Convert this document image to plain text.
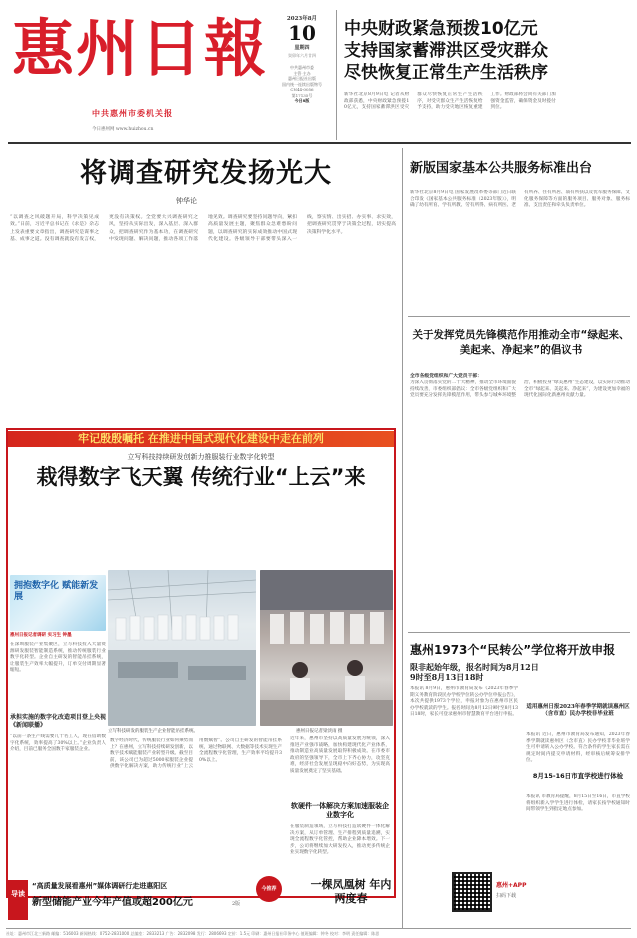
惠州日報
中共惠州市委机关报
今日惠州网 www.huizhou.cn
2023年8月
10
星期四
癸卯年六月廿四
中共惠州市委
主管·主办
惠州日报社出版
国内统一连续出版物号
CN44-0056
第17135号
今日8版
中央财政紧急预拨10亿元
支持国家蓄滞洪区受灾群众
尽快恢复正常生产生活秩序
新华社北京8月9日电 记者从财政部获悉，中央财政紧急预拨10亿元，支持国家蓄滞洪区受灾群众尽快恢复正常生产生活秩序，对受灾群众生产生活恢复给予支持，助力受灾地区恢复重建工作。财政部将会同有关部门加强资金监管，确保资金及时拨付到位。
将调查研究发扬光大
钟华论
“以调查之风破题开局，科学决策见成效。”日前，习近平总书记在《求是》杂志上发表重要文章指出，调查研究是谋事之基、成事之道。没有调查就没有发言权，更没有决策权。全党要大兴调查研究之风，坚持从实际出发，深入基层、深入群众，把调查研究作为基本功，在调查研究中发现问题、解决问题，推动各项工作落地见效。调查研究要坚持问题导向，紧扣高质量发展主题，聚焦群众急难愁盼问题，以调查研究的实际成效推动中国式现代化建设。各级领导干部要带头深入一线，察实情、出实招、办实事、求实效，把调查研究贯穿于决策全过程，切实提高决策科学化水平。
新版国家基本公共服务标准出台
新华社北京8月9日电 国家发展改革委等部门近日联合印发《国家基本公共服务标准（2023年版）》，明确了幼有所育、学有所教、劳有所得、病有所医、老有所养、住有所居、弱有所扶以及优军服务保障、文化服务保障等方面的服务项目、服务对象、服务标准、支出责任和牵头负责单位。
关于发挥党员先锋模范作用推动全市“绿起来、美起来、净起来”的倡议书
全市各级党组织和广大党员干部：
为深入贯彻落实党的二十大精神，推动全市环境面貌持续改善，市委组织部倡议：全市各级党组织和广大党员要充分发挥先锋模范作用，带头参与城乡环境整治，积极投身“绿美惠州”生态建设，以实际行动推动全市“绿起来、美起来、净起来”，为建设更加幸福的现代化国际化新惠州贡献力量。
惠州1973个“民转公”学位将开放申报
限非起始年级，报名时间为8月12日
9时至8月13日18时
本报讯 8月9日，惠州市教育局发布《2023年春季学期义务教育阶段民办学校学位转公办学位申报公告》，本次共提供1973个学位，申报对象为在惠州市区民办学校就读的学生。报名时间为8月12日9时至8月13日18时，家长可登录惠州市智慧教育平台进行申报。
8月15-16日市直学校进行体检
本报讯 市教育局提醒，8月15日至16日，市直学校将组织新入学学生进行体检，请家长按学校通知时间带领学生到指定地点参加。
牢记殷殷嘱托 在推进中国式现代化建设中走在前列
立写科技持续研发创新力推服装行业数字化转型
栽得数字飞天翼 传统行业“上云”来
拥抱数字化 赋能新发展
惠州日报记者调研 实习生 钟墨
在深圳服装产业集聚区，立写科技投入大量资源研发服装智能制造系统，推动传统服装行业数字化转型。企业自主研发的智能吊挂系统，让服装生产效率大幅提升，订单交付周期显著缩短。
承担实施的数字化改造项目登上央视《新闻联播》
“以前一条生产线需要几十名工人，现在借助数字化系统，效率提高了30%以上。”企业负责人介绍，目前已服务全国数千家服装企业。
立写科技研发的服装生产企业智能吊挂系统。	惠州日报记者梁淡雨 摄
数字经济时代，传统服装行业如何乘势而上？在惠州，立写科技持续研发创新，以数字技术赋能服装产业转型升级。截至目前，该公司已为超过5000家服装企业提供数字化解决方案，助力传统行业“上云用数赋智”。公司自主研发的智能吊挂系统，通过物联网、大数据等技术实现生产全流程数字化管理，生产效率平均提升30%以上。
软硬件一体解决方案加速服装企业数字化
近年来，惠州市坚持以高质量发展为统领，深入推进产业强市战略，加快构建现代化产业体系，推动制造业高质量发展取得积极成效。在市委市政府的坚强领导下，全市上下齐心协力，攻坚克难，经济社会发展呈现稳中向好态势，为实现高质量发展奠定了坚实基础。
在服装制造领域，立写科技打造软硬件一体化解决方案，从订单管理、生产排程到质量追溯，实现全流程数字化管控，帮助企业降本增效。下一步，公司将继续加大研发投入，推动更多传统企业实现数字化转型。
适用惠州日报2023年春季学期就读惠州区（含市直）民办学校非毕业班
本报讯 近日，惠州市教育局发布通知，2023年春季学期就读惠州区（含市直）民办学校非毕业班学生可申请转入公办学校。符合条件的学生家长需在规定时间内提交申请材料，经审核后统筹安排学位。
导读
“高质量发展看惠州”媒体调研行走进惠阳区
新型储能产业今年产值或超200亿元	2版
今推荐	一棵凤凰树 年内两度春
惠州+APP
扫码下载
社址：惠州市江北三新路 邮编：516003 新闻热线：0752-2831000 总编室：2833213 广告：2832098 发行：2806693 定价：1.5元 印刷：惠州日报社印务中心 值班编辑：钟冬 校对：李明 责任编辑：陈思
